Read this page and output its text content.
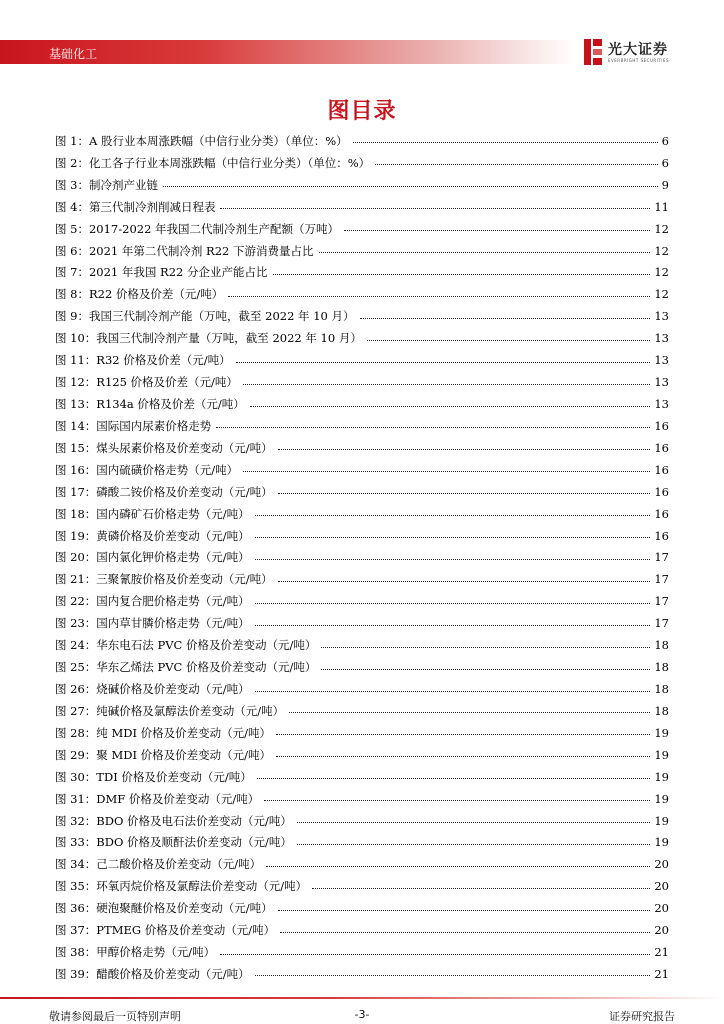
基础化工	光大证券
EVERBRIGHT SECURITIES
图目录
图 1： A 股行业本周涨跌幅（中信行业分类）（单位：%）	6
图 2： 化工各子行业本周涨跌幅（中信行业分类）（单位：%）	6
图 3： 制冷剂产业链	9
图 4： 第三代制冷剂削减日程表	11
图 5： 2017-2022 年我国二代制冷剂生产配额（万吨）	12
图 6： 2021 年第二代制冷剂 R22 下游消费量占比	12
图 7： 2021 年我国 R22 分企业产能占比	12
图 8： R22 价格及价差（元/吨）	12
图 9： 我国三代制冷剂产能（万吨，截至 2022 年 10 月）	13
图 10： 我国三代制冷剂产量（万吨，截至 2022 年 10 月）	13
图 11： R32 价格及价差（元/吨）	13
图 12： R125 价格及价差（元/吨）	13
图 13： R134a 价格及价差（元/吨）	13
图 14： 国际国内尿素价格走势	16
图 15： 煤头尿素价格及价差变动（元/吨）	16
图 16： 国内硫磺价格走势（元/吨）	16
图 17： 磷酸二铵价格及价差变动（元/吨）	16
图 18： 国内磷矿石价格走势（元/吨）	16
图 19： 黄磷价格及价差变动（元/吨）	16
图 20： 国内氯化钾价格走势（元/吨）	17
图 21： 三聚氰胺价格及价差变动（元/吨）	17
图 22： 国内复合肥价格走势（元/吨）	17
图 23： 国内草甘膦价格走势（元/吨）	17
图 24： 华东电石法 PVC 价格及价差变动（元/吨）	18
图 25： 华东乙烯法 PVC 价格及价差变动（元/吨）	18
图 26： 烧碱价格及价差变动（元/吨）	18
图 27： 纯碱价格及氯醇法价差变动（元/吨）	18
图 28： 纯 MDI 价格及价差变动（元/吨）	19
图 29： 聚 MDI 价格及价差变动（元/吨）	19
图 30： TDI 价格及价差变动（元/吨）	19
图 31： DMF 价格及价差变动（元/吨）	19
图 32： BDO 价格及电石法价差变动（元/吨）	19
图 33： BDO 价格及顺酐法价差变动（元/吨）	19
图 34： 己二酸价格及价差变动（元/吨）	20
图 35： 环氧丙烷价格及氯醇法价差变动（元/吨）	20
图 36： 硬泡聚醚价格及价差变动（元/吨）	20
图 37： PTMEG 价格及价差变动（元/吨）	20
图 38： 甲醇价格走势（元/吨）	21
图 39： 醋酸价格及价差变动（元/吨）	21
敬请参阅最后一页特别声明	-3-	证券研究报告
